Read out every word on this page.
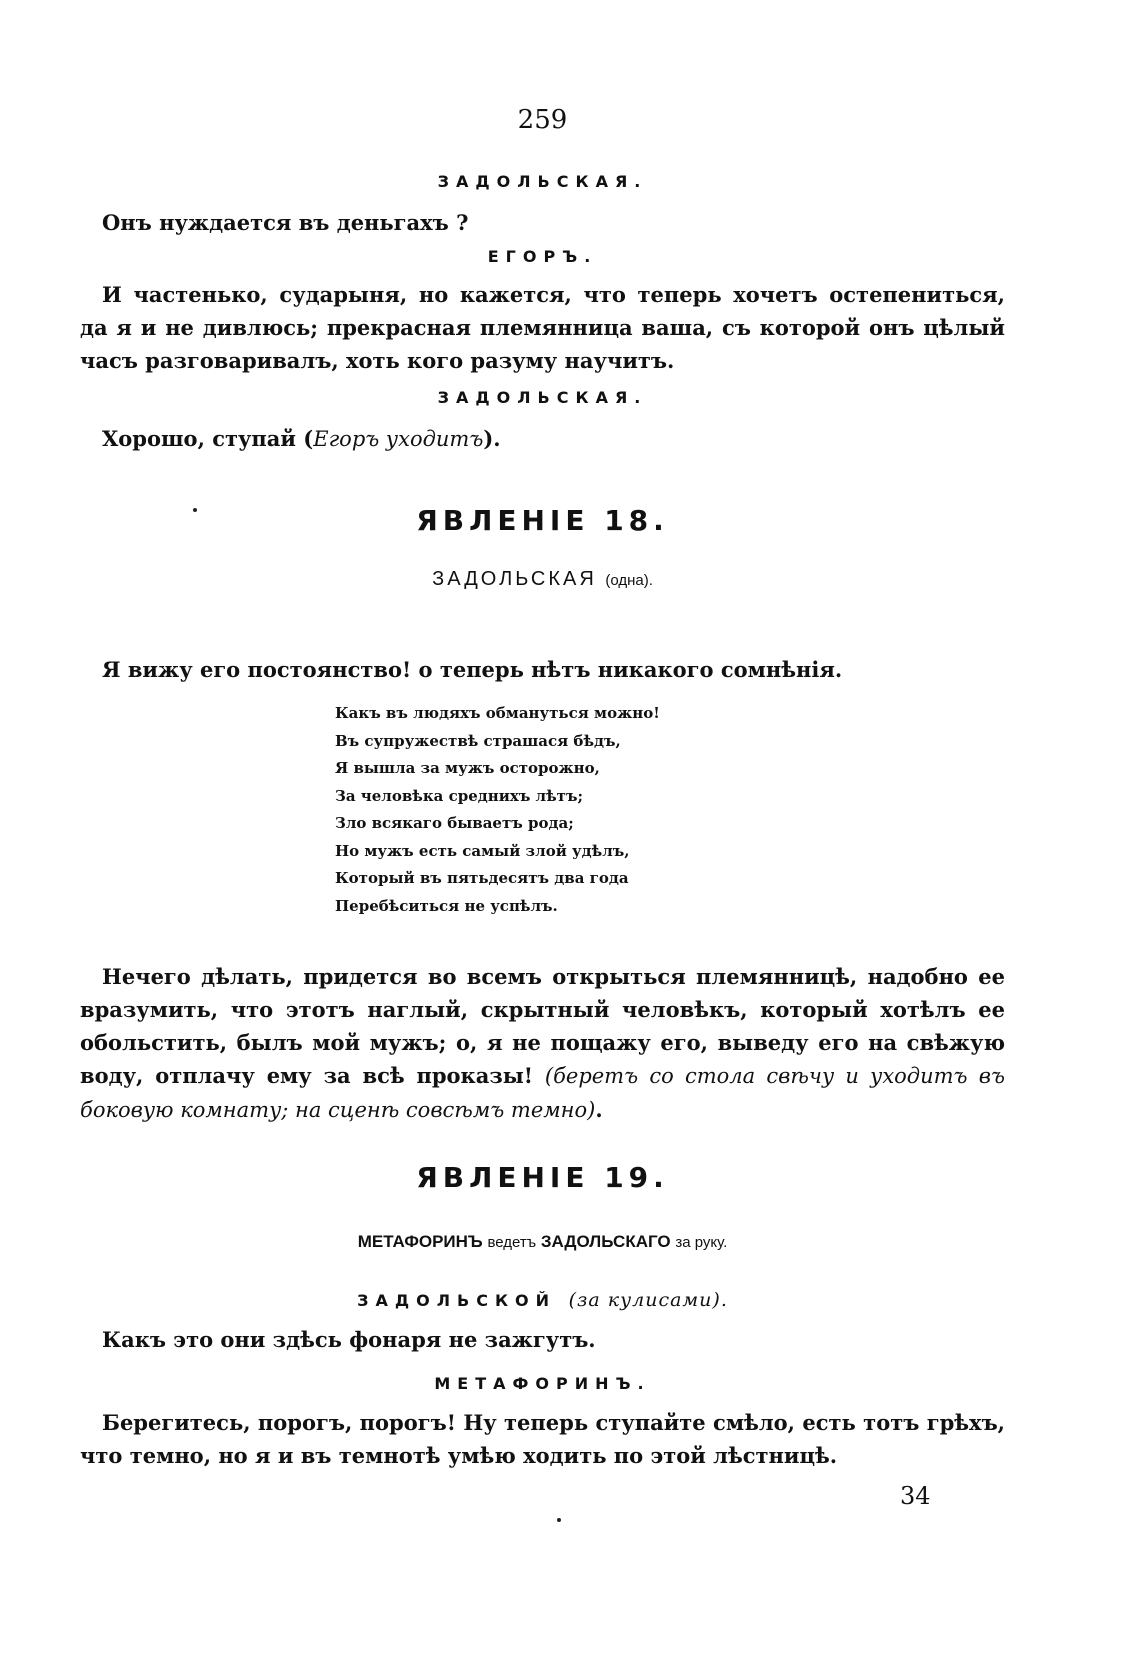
259
ЗАДОЛЬСКАЯ.
Онъ нуждается въ деньгахъ ?
ЕГОРЪ.
И частенько, сударыня, но кажется, что теперь хочетъ остепениться, да я и не дивлюсь; прекрасная племянница ваша, съ которой онъ цѣлый часъ разговаривалъ, хоть кого разуму научитъ.
ЗАДОЛЬСКАЯ.
Хорошо, ступай (Егоръ уходитъ).
ЯВЛЕНІЕ 18.
ЗАДОЛЬСКАЯ (одна).
Я вижу его постоянство! о теперь нѣтъ никакого сомнѣнія.
Какъ въ людяхъ обмануться можно!
Въ супружествѣ страшася бѣдъ,
Я вышла за мужъ осторожно,
За человѣка среднихъ лѣтъ;
Зло всякаго бываетъ рода;
Но мужъ есть самый злой удѣлъ,
Который въ пятьдесятъ два года
Перебѣситься не успѣлъ.
Нечего дѣлать, придется во всемъ открыться племянницѣ, надобно ее вразумить, что этотъ наглый, скрытный человѣкъ, который хотѣлъ ее обольстить, былъ мой мужъ; о, я не пощажу его, выведу его на свѣжую воду, отплачу ему за всѣ проказы! (беретъ со стола свѣчу и уходитъ въ боковую комнату; на сценѣ совсѣмъ темно).
ЯВЛЕНІЕ 19.
МЕТАФОРИНЪ ведетъ ЗАДОЛЬСКАГО за руку.
ЗАДОЛЬСКОЙ (за кулисами).
Какъ это они здѣсь фонаря не зажгутъ.
МЕТАФОРИНЪ.
Берегитесь, порогъ, порогъ! Ну теперь ступайте смѣло, есть тотъ грѣхъ, что темно, но я и въ темнотѣ умѣю ходить по этой лѣстницѣ.
34
